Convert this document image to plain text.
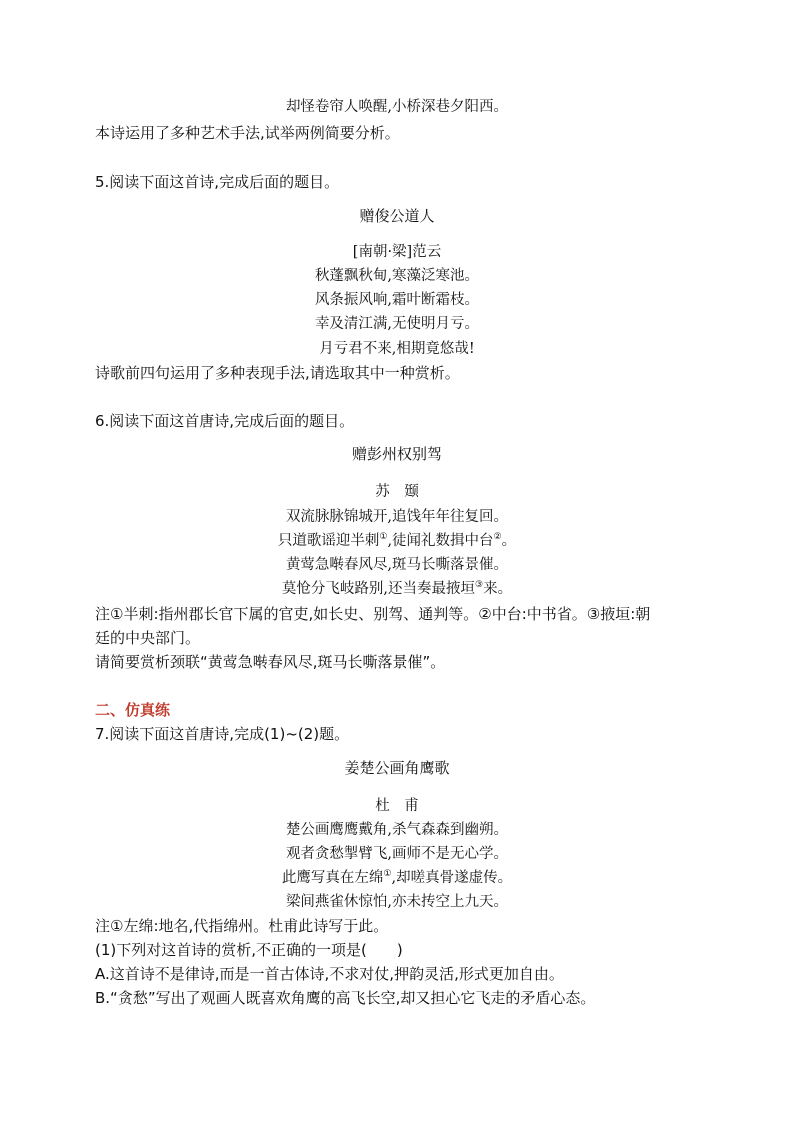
却怪卷帘人唤醒,小桥深巷夕阳西。

本诗运用了多种艺术手法,试举两例简要分析。

5.阅读下面这首诗,完成后面的题目。

赠俊公道人

[南朝·梁]范云

秋蓬飘秋甸,寒藻泛寒池。

风条振风响,霜叶断霜枝。

幸及清江满,无使明月亏。

月亏君不来,相期竟悠哉!

诗歌前四句运用了多种表现手法,请选取其中一种赏析。

6.阅读下面这首唐诗,完成后面的题目。

赠彭州权别驾

苏　颋

双流脉脉锦城开,追饯年年往复回。

只道歌谣迎半刺①,徒闻礼数揖中台②。

黄莺急啭春风尽,斑马长嘶落景催。

莫怆分飞岐路别,还当奏最掖垣③来。

注①半刺:指州郡长官下属的官吏,如长史、别驾、通判等。②中台:中书省。③掖垣:朝

廷的中央部门。

请简要赏析颈联“黄莺急啭春风尽,斑马长嘶落景催”。

二、仿真练

7.阅读下面这首唐诗,完成(1)~(2)题。

姜楚公画角鹰歌

杜　甫

楚公画鹰鹰戴角,杀气森森到幽朔。

观者贪愁掣臂飞,画师不是无心学。

此鹰写真在左绵①,却嗟真骨遂虚传。

梁间燕雀休惊怕,亦未抟空上九天。

注①左绵:地名,代指绵州。杜甫此诗写于此。

(1)下列对这首诗的赏析,不正确的一项是(　　)

A.这首诗不是律诗,而是一首古体诗,不求对仗,押韵灵活,形式更加自由。

B.“贪愁”写出了观画人既喜欢角鹰的高飞长空,却又担心它飞走的矛盾心态。
